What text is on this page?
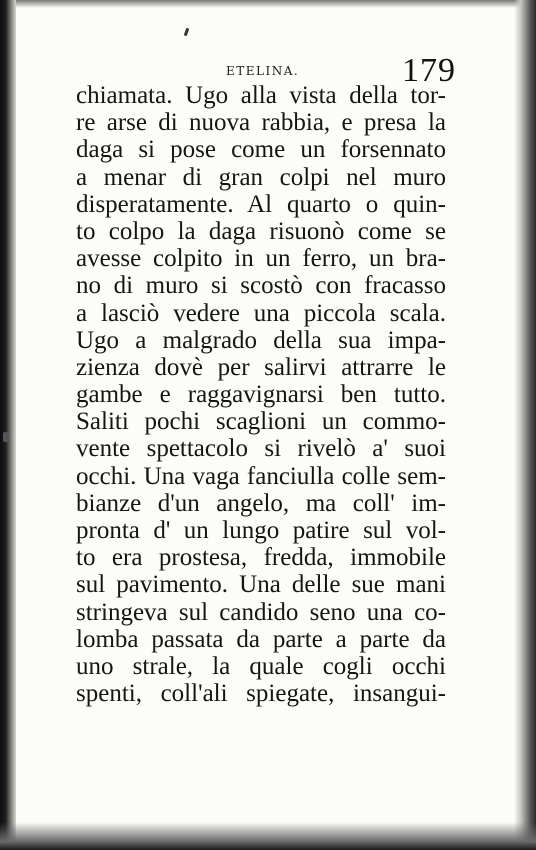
ETELINA.	179
chiamata. Ugo alla vista della tor-
re arse di nuova rabbia, e presa la
daga si pose come un forsennato
a menar di gran colpi nel muro
disperatamente. Al quarto o quin-
to colpo la daga risuonò come se
avesse colpito in un ferro, un bra-
no di muro si scostò con fracasso
a lasciò vedere una piccola scala.
Ugo a malgrado della sua impa-
zienza dovè per salirvi attrarre le
gambe e raggavignarsi ben tutto.
Saliti pochi scaglioni un commo-
vente spettacolo si rivelò a' suoi
occhi. Una vaga fanciulla colle sem-
bianze d'un angelo, ma coll' im-
pronta d' un lungo patire sul vol-
to era prostesa, fredda, immobile
sul pavimento. Una delle sue mani
stringeva sul candido seno una co-
lomba passata da parte a parte da
uno strale, la quale cogli occhi
spenti, coll'ali spiegate, insangui-
